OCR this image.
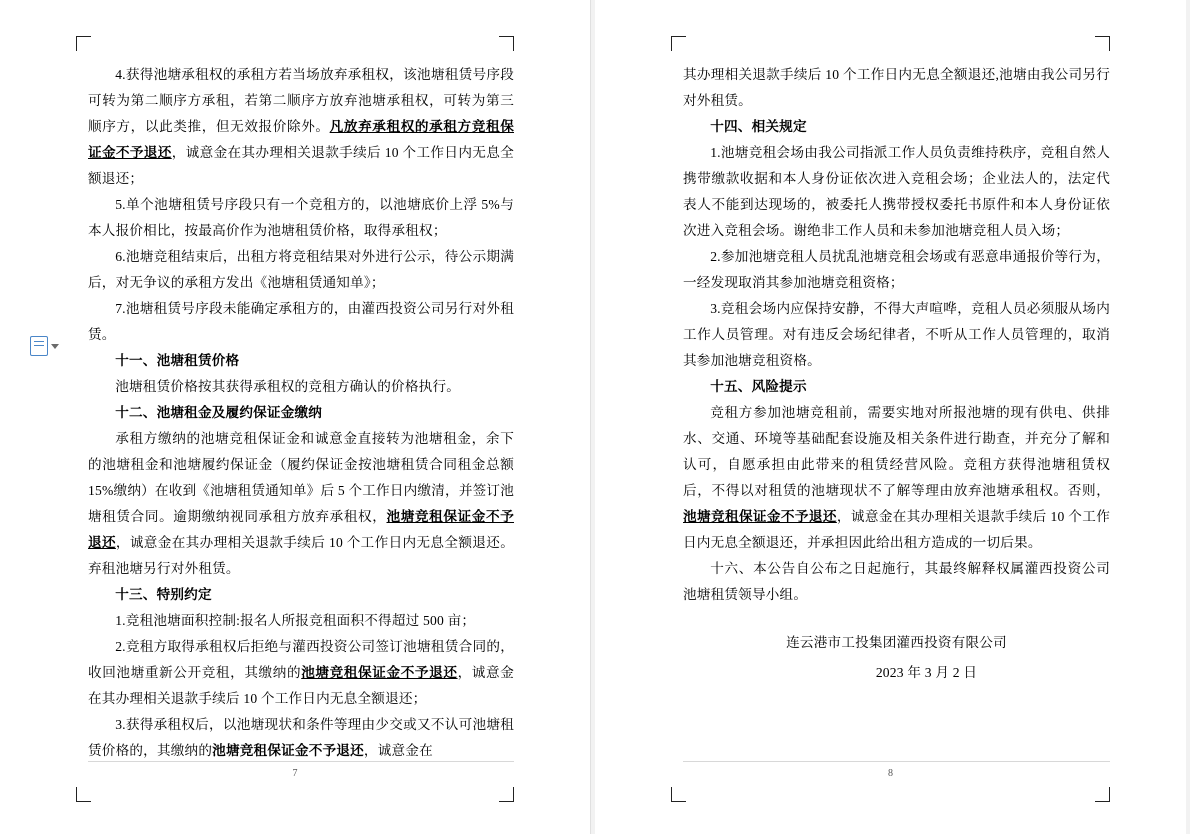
4.获得池塘承租权的承租方若当场放弃承租权，该池塘租赁号序段可转为第二顺序方承租，若第二顺序方放弃池塘承租权，可转为第三顺序方，以此类推，但无效报价除外。凡放弃承租权的承租方竞租保证金不予退还，诚意金在其办理相关退款手续后 10 个工作日内无息全额退还；

5.单个池塘租赁号序段只有一个竞租方的，以池塘底价上浮 5%与本人报价相比，按最高价作为池塘租赁价格，取得承租权；

6.池塘竞租结束后，出租方将竞租结果对外进行公示，待公示期满后，对无争议的承租方发出《池塘租赁通知单》；

7.池塘租赁号序段未能确定承租方的，由灌西投资公司另行对外租赁。

十一、池塘租赁价格

池塘租赁价格按其获得承租权的竞租方确认的价格执行。

十二、池塘租金及履约保证金缴纳

承租方缴纳的池塘竞租保证金和诚意金直接转为池塘租金，余下的池塘租金和池塘履约保证金（履约保证金按池塘租赁合同租金总额 15%缴纳）在收到《池塘租赁通知单》后 5 个工作日内缴清，并签订池塘租赁合同。逾期缴纳视同承租方放弃承租权，池塘竞租保证金不予退还，诚意金在其办理相关退款手续后 10 个工作日内无息全额退还。弃租池塘另行对外租赁。

十三、特别约定

1.竞租池塘面积控制:报名人所报竞租面积不得超过 500 亩；

2.竞租方取得承租权后拒绝与灌西投资公司签订池塘租赁合同的，收回池塘重新公开竞租，其缴纳的池塘竞租保证金不予退还，诚意金在其办理相关退款手续后 10 个工作日内无息全额退还；

3.获得承租权后，以池塘现状和条件等理由少交或又不认可池塘租赁价格的，其缴纳的池塘竞租保证金不予退还，诚意金在

7

其办理相关退款手续后 10 个工作日内无息全额退还,池塘由我公司另行对外租赁。

十四、相关规定

1.池塘竞租会场由我公司指派工作人员负责维持秩序，竞租自然人携带缴款收据和本人身份证依次进入竞租会场；企业法人的，法定代表人不能到达现场的，被委托人携带授权委托书原件和本人身份证依次进入竞租会场。谢绝非工作人员和未参加池塘竞租人员入场；

2.参加池塘竞租人员扰乱池塘竞租会场或有恶意串通报价等行为，一经发现取消其参加池塘竞租资格；

3.竞租会场内应保持安静，不得大声喧哗，竞租人员必须服从场内工作人员管理。对有违反会场纪律者，不听从工作人员管理的，取消其参加池塘竞租资格。

十五、风险提示

竞租方参加池塘竞租前，需要实地对所报池塘的现有供电、供排水、交通、环境等基础配套设施及相关条件进行勘查，并充分了解和认可，自愿承担由此带来的租赁经营风险。竞租方获得池塘租赁权后，不得以对租赁的池塘现状不了解等理由放弃池塘承租权。否则，池塘竞租保证金不予退还，诚意金在其办理相关退款手续后 10 个工作日内无息全额退还，并承担因此给出租方造成的一切后果。

十六、本公告自公布之日起施行，其最终解释权属灌西投资公司池塘租赁领导小组。

连云港市工投集团灌西投资有限公司

2023 年 3 月 2 日

8
